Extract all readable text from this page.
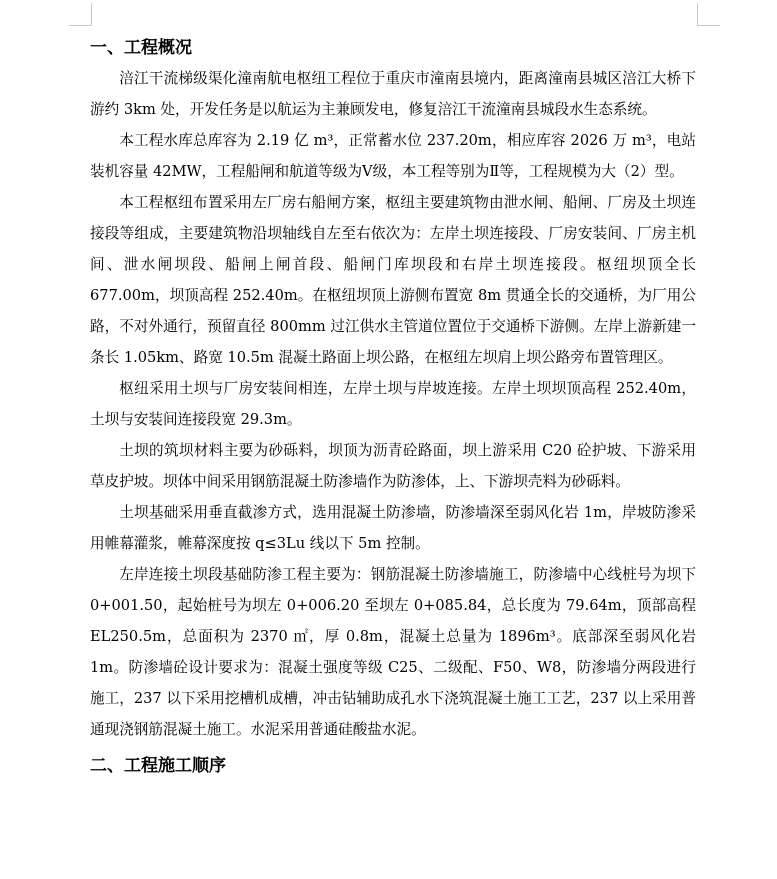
一、工程概况

涪江干流梯级渠化潼南航电枢纽工程位于重庆市潼南县境内，距离潼南县城区涪江大桥下游约 3km 处，开发任务是以航运为主兼顾发电，修复涪江干流潼南县城段水生态系统。

本工程水库总库容为 2.19 亿 m³，正常蓄水位 237.20m，相应库容 2026 万 m³，电站装机容量 42MW，工程船闸和航道等级为Ⅴ级，本工程等别为Ⅱ等，工程规模为大（2）型。

本工程枢纽布置采用左厂房右船闸方案，枢纽主要建筑物由泄水闸、船闸、厂房及土坝连接段等组成，主要建筑物沿坝轴线自左至右依次为：左岸土坝连接段、厂房安装间、厂房主机间、泄水闸坝段、船闸上闸首段、船闸门库坝段和右岸土坝连接段。枢纽坝顶全长 677.00m，坝顶高程 252.40m。在枢纽坝顶上游侧布置宽 8m 贯通全长的交通桥，为厂用公路，不对外通行，预留直径 800mm 过江供水主管道位置位于交通桥下游侧。左岸上游新建一条长 1.05km、路宽 10.5m 混凝土路面上坝公路，在枢纽左坝肩上坝公路旁布置管理区。

枢纽采用土坝与厂房安装间相连，左岸土坝与岸坡连接。左岸土坝坝顶高程 252.40m，土坝与安装间连接段宽 29.3m。

土坝的筑坝材料主要为砂砾料，坝顶为沥青砼路面，坝上游采用 C20 砼护坡、下游采用草皮护坡。坝体中间采用钢筋混凝土防渗墙作为防渗体，上、下游坝壳料为砂砾料。

土坝基础采用垂直截渗方式，选用混凝土防渗墙，防渗墙深至弱风化岩 1m，岸坡防渗采用帷幕灌浆，帷幕深度按 q≤3Lu 线以下 5m 控制。

左岸连接土坝段基础防渗工程主要为：钢筋混凝土防渗墙施工，防渗墙中心线桩号为坝下 0+001.50，起始桩号为坝左 0+006.20 至坝左 0+085.84，总长度为 79.64m，顶部高程 EL250.5m，总面积为 2370 ㎡，厚 0.8m，混凝土总量为 1896m³。底部深至弱风化岩 1m。防渗墙砼设计要求为：混凝土强度等级 C25、二级配、F50、W8，防渗墙分两段进行施工，237 以下采用挖槽机成槽，冲击钻辅助成孔水下浇筑混凝土施工工艺，237 以上采用普通现浇钢筋混凝土施工。水泥采用普通硅酸盐水泥。

二、工程施工顺序
